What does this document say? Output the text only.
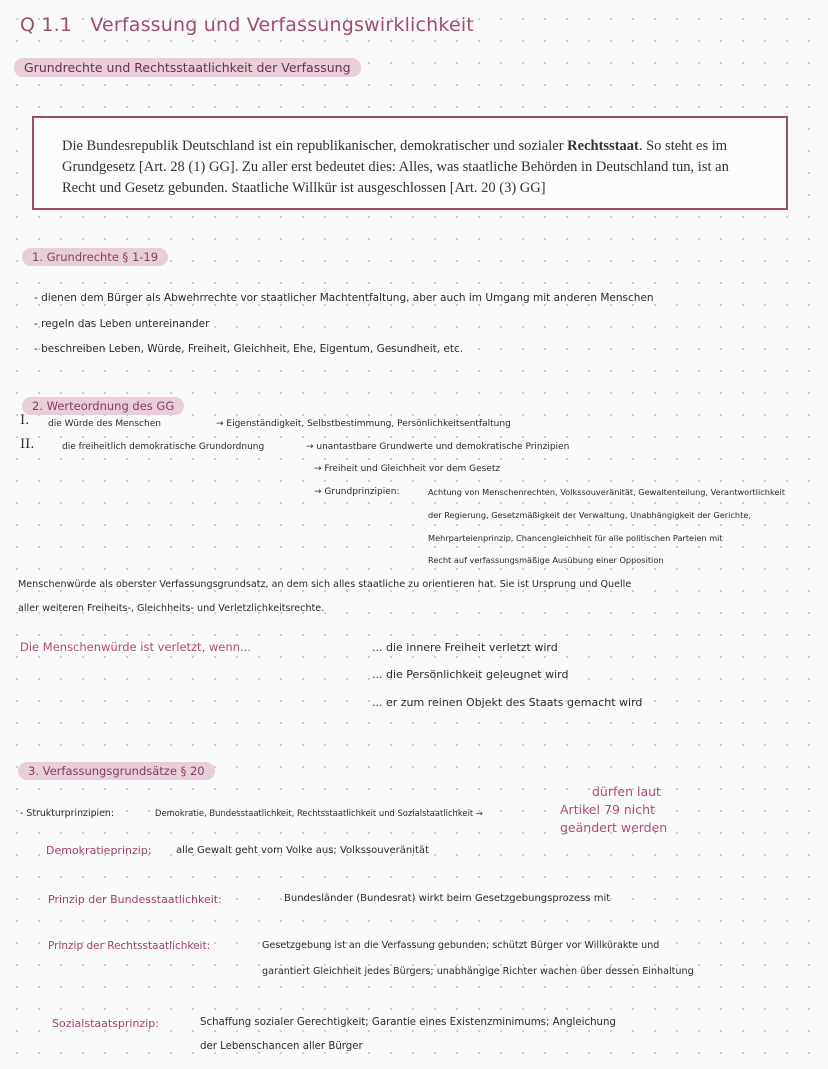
Q 1.1 Verfassung und Verfassungswirklichkeit
Grundrechte und Rechtsstaatlichkeit der Verfassung

Die Bundesrepublik Deutschland ist ein republikanischer, demokratischer und sozialer Rechtsstaat. So steht es im Grundgesetz [Art. 28 (1) GG]. Zu aller erst bedeutet dies: Alles, was staatliche Behörden in Deutschland tun, ist an Recht und Gesetz gebunden. Staatliche Willkür ist ausgeschlossen [Art. 20 (3) GG]

1. Grundrechte § 1-19
- dienen dem Bürger als Abwehrrechte vor staatlicher Machtentfaltung, aber auch im Umgang mit anderen Menschen
- regeln das Leben untereinander
- beschreiben Leben, Würde, Freiheit, Gleichheit, Ehe, Eigentum, Gesundheit, etc.
2. Werteordnung des GG
I. die Würde des Menschen	→ Eigenständigkeit, Selbstbestimmung, Persönlichkeitsentfaltung
II.	die freiheitlich demokratische Grundordnung	→ unantastbare Grundwerte und demokratische Prinzipien
→ Freiheit und Gleichheit vor dem Gesetz
→ Grundprinzipien:	Achtung von Menschenrechten, Volkssouveränität, Gewaltenteilung, Verantwortlichkeit
der Regierung, Gesetzmäßigkeit der Verwaltung, Unabhängigkeit der Gerichte,
Mehrparteienprinzip, Chancengleichheit für alle politischen Parteien mit
Recht auf verfassungsmäßige Ausübung einer Opposition
Menschenwürde als oberster Verfassungsgrundsatz, an dem sich alles staatliche zu orientieren hat. Sie ist Ursprung und Quelle
aller weiteren Freiheits-, Gleichheits- und Verletzlichkeitsrechte.
Die Menschenwürde ist verletzt, wenn...	... die innere Freiheit verletzt wird
... die Persönlichkeit geleugnet wird
... er zum reinen Objekt des Staats gemacht wird
3. Verfassungsgrundsätze § 20
- Strukturprinzipien:	Demokratie, Bundesstaatlichkeit, Rechtsstaatlichkeit und Sozialstaatlichkeit →
dürfen laut
Artikel 79 nicht
geändert werden
Demokratieprinzip: alle Gewalt geht vom Volke aus; Volkssouveränität
Prinzip der Bundesstaatlichkeit:	Bundesländer (Bundesrat) wirkt beim Gesetzgebungsprozess mit
Prinzip der Rechtsstaatlichkeit:	Gesetzgebung ist an die Verfassung gebunden; schützt Bürger vor Willkürakte und
garantiert Gleichheit jedes Bürgers; unabhängige Richter wachen über dessen Einhaltung
Sozialstaatsprinzip:	Schaffung sozialer Gerechtigkeit; Garantie eines Existenzminimums; Angleichung
der Lebenschancen aller Bürger
